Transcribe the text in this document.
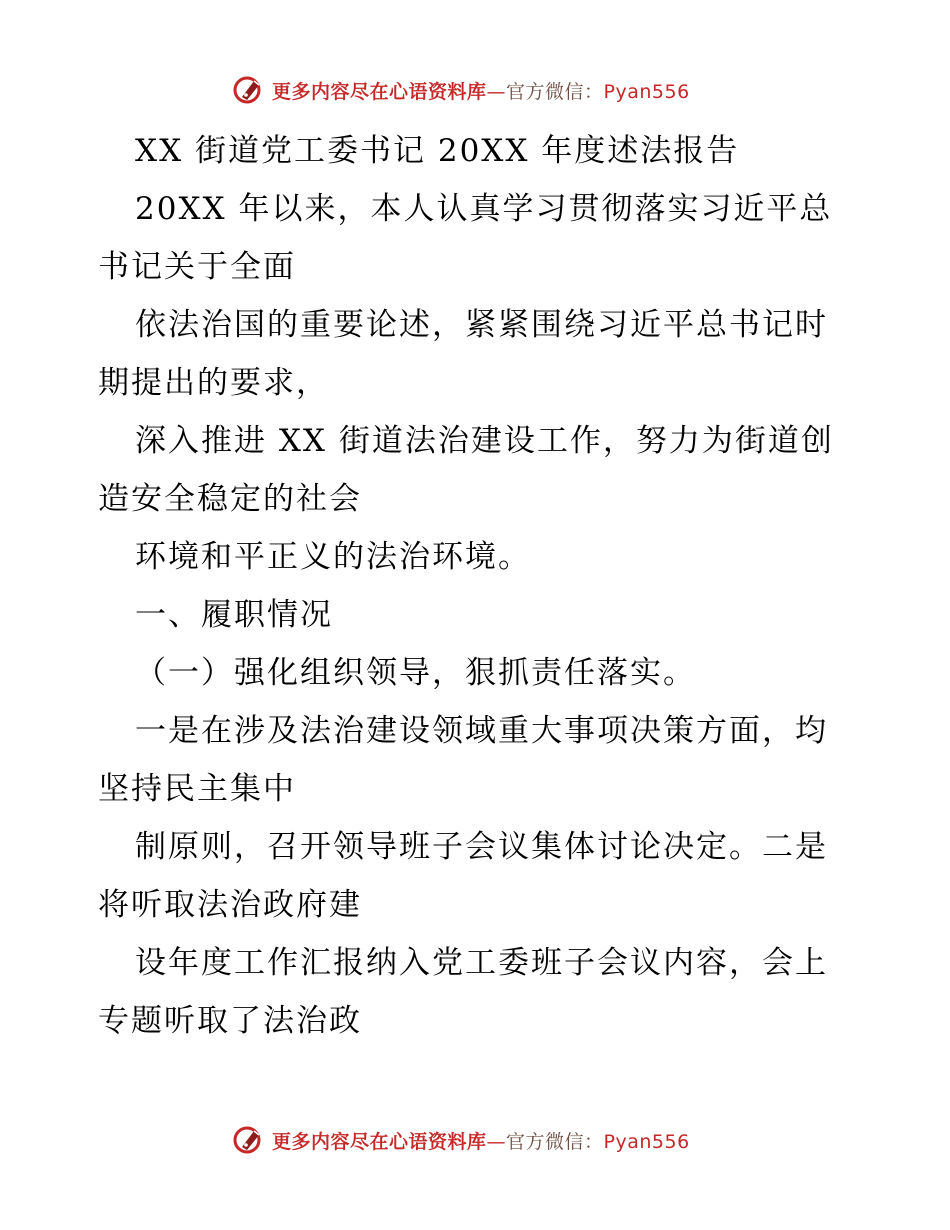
更多内容尽在心语资料库—官方微信：Pyan556

XX 街道党工委书记 20XX 年度述法报告

20XX 年以来，本人认真学习贯彻落实习近平总书记关于全面

依法治国的重要论述，紧紧围绕习近平总书记时期提出的要求，

深入推进 XX 街道法治建设工作，努力为街道创造安全稳定的社会

环境和平正义的法治环境。

一、履职情况

（一）强化组织领导，狠抓责任落实。

一是在涉及法治建设领域重大事项决策方面，均坚持民主集中

制原则，召开领导班子会议集体讨论决定。二是将听取法治政府建

设年度工作汇报纳入党工委班子会议内容，会上专题听取了法治政

更多内容尽在心语资料库—官方微信：Pyan556
